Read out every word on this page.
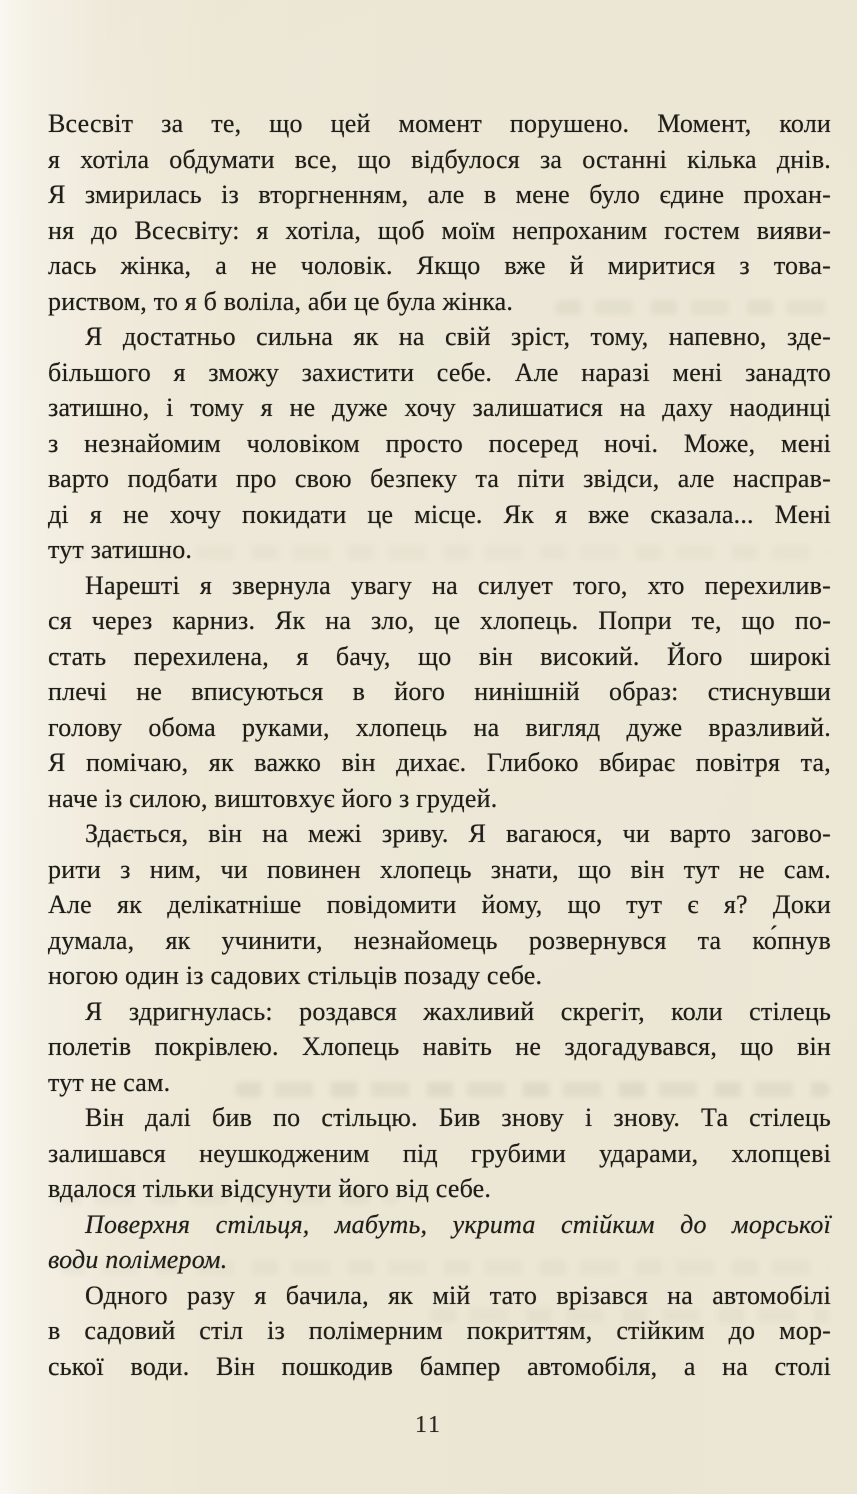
Всесвіт за те, що цей момент порушено. Момент, коли
я хотіла обдумати все, що відбулося за останні кілька днів.
Я змирилась із вторгненням, але в мене було єдине прохан-
ня до Всесвіту: я хотіла, щоб моїм непроханим гостем вияви-
лась жінка, а не чоловік. Якщо вже й миритися з това-
риством, то я б воліла, аби це була жінка.
Я достатньо сильна як на свій зріст, тому, напевно, зде-
більшого я зможу захистити себе. Але наразі мені занадто
затишно, і тому я не дуже хочу залишатися на даху наодинці
з незнайомим чоловіком просто посеред ночі. Може, мені
варто подбати про свою безпеку та піти звідси, але насправ-
ді я не хочу покидати це місце. Як я вже сказала... Мені
тут затишно.
Нарешті я звернула увагу на силует того, хто перехилив-
ся через карниз. Як на зло, це хлопець. Попри те, що по-
стать перехилена, я бачу, що він високий. Його широкі
плечі не вписуються в його нинішній образ: стиснувши
голову обома руками, хлопець на вигляд дуже вразливий.
Я помічаю, як важко він дихає. Глибоко вбирає повітря та,
наче із силою, виштовхує його з грудей.
Здається, він на межі зриву. Я вагаюся, чи варто загово-
рити з ним, чи повинен хлопець знати, що він тут не сам.
Але як делікатніше повідомити йому, що тут є я? Доки
думала, як учинити, незнайомець розвернувся та ко́пнув
ногою один із садових стільців позаду себе.
Я здригнулась: роздався жахливий скрегіт, коли стілець
полетів покрівлею. Хлопець навіть не здогадувався, що він
тут не сам.
Він далі бив по стільцю. Бив знову і знову. Та стілець
залишався неушкодженим під грубими ударами, хлопцеві
вдалося тільки відсунути його від себе.
Поверхня стільця, мабуть, укрита стійким до морської
води полімером.
Одного разу я бачила, як мій тато врізався на автомобілі
в садовий стіл із полімерним покриттям, стійким до мор-
ської води. Він пошкодив бампер автомобіля, а на столі
11
